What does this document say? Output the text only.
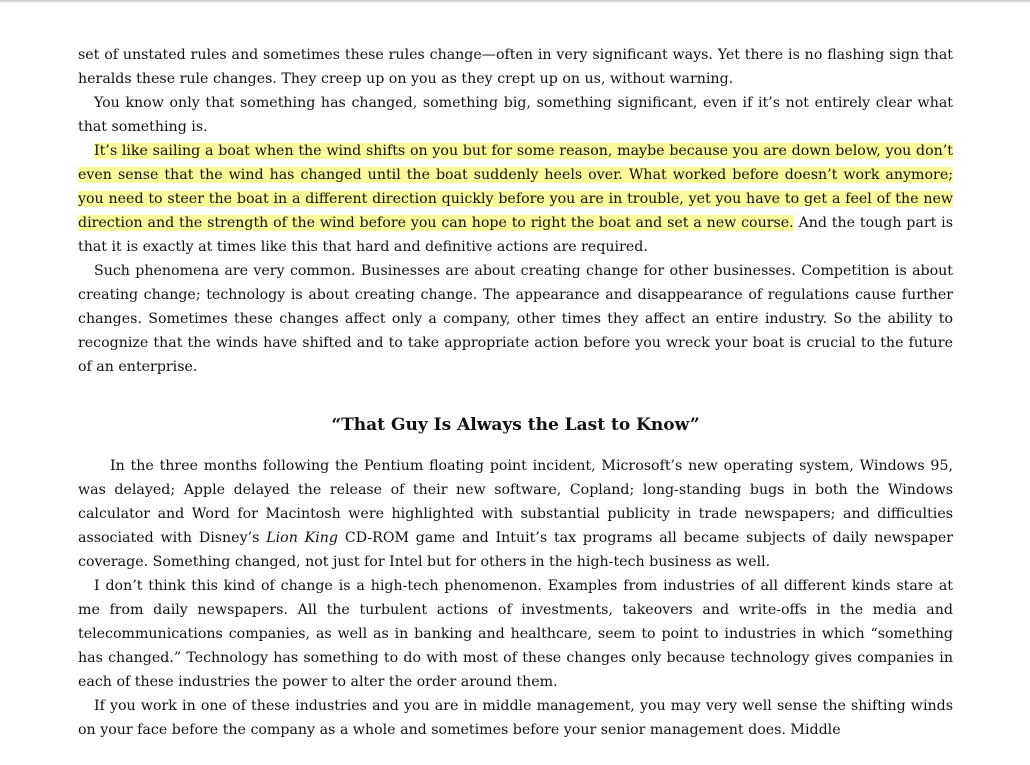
set of unstated rules and sometimes these rules change—often in very significant ways. Yet there is no flashing sign that heralds these rule changes. They creep up on you as they crept up on us, without warning.

You know only that something has changed, something big, something significant, even if it’s not entirely clear what that something is.

It’s like sailing a boat when the wind shifts on you but for some reason, maybe because you are down below, you don’t even sense that the wind has changed until the boat suddenly heels over. What worked before doesn’t work anymore; you need to steer the boat in a different direction quickly before you are in trouble, yet you have to get a feel of the new direction and the strength of the wind before you can hope to right the boat and set a new course. And the tough part is that it is exactly at times like this that hard and definitive actions are required.

Such phenomena are very common. Businesses are about creating change for other businesses. Competition is about creating change; technology is about creating change. The appearance and disappearance of regulations cause further changes. Sometimes these changes affect only a company, other times they affect an entire industry. So the ability to recognize that the winds have shifted and to take appropriate action before you wreck your boat is crucial to the future of an enterprise.

“That Guy Is Always the Last to Know”

In the three months following the Pentium floating point incident, Microsoft’s new operating system, Windows 95, was delayed; Apple delayed the release of their new software, Copland; long-standing bugs in both the Windows calculator and Word for Macintosh were highlighted with substantial publicity in trade newspapers; and difficulties associated with Disney’s Lion King CD-ROM game and Intuit’s tax programs all became subjects of daily newspaper coverage. Something changed, not just for Intel but for others in the high-tech business as well.

I don’t think this kind of change is a high-tech phenomenon. Examples from industries of all different kinds stare at me from daily newspapers. All the turbulent actions of investments, takeovers and write-offs in the media and telecommunications companies, as well as in banking and healthcare, seem to point to industries in which “something has changed.” Technology has something to do with most of these changes only because technology gives companies in each of these industries the power to alter the order around them.

If you work in one of these industries and you are in middle management, you may very well sense the shifting winds on your face before the company as a whole and sometimes before your senior management does. Middle
